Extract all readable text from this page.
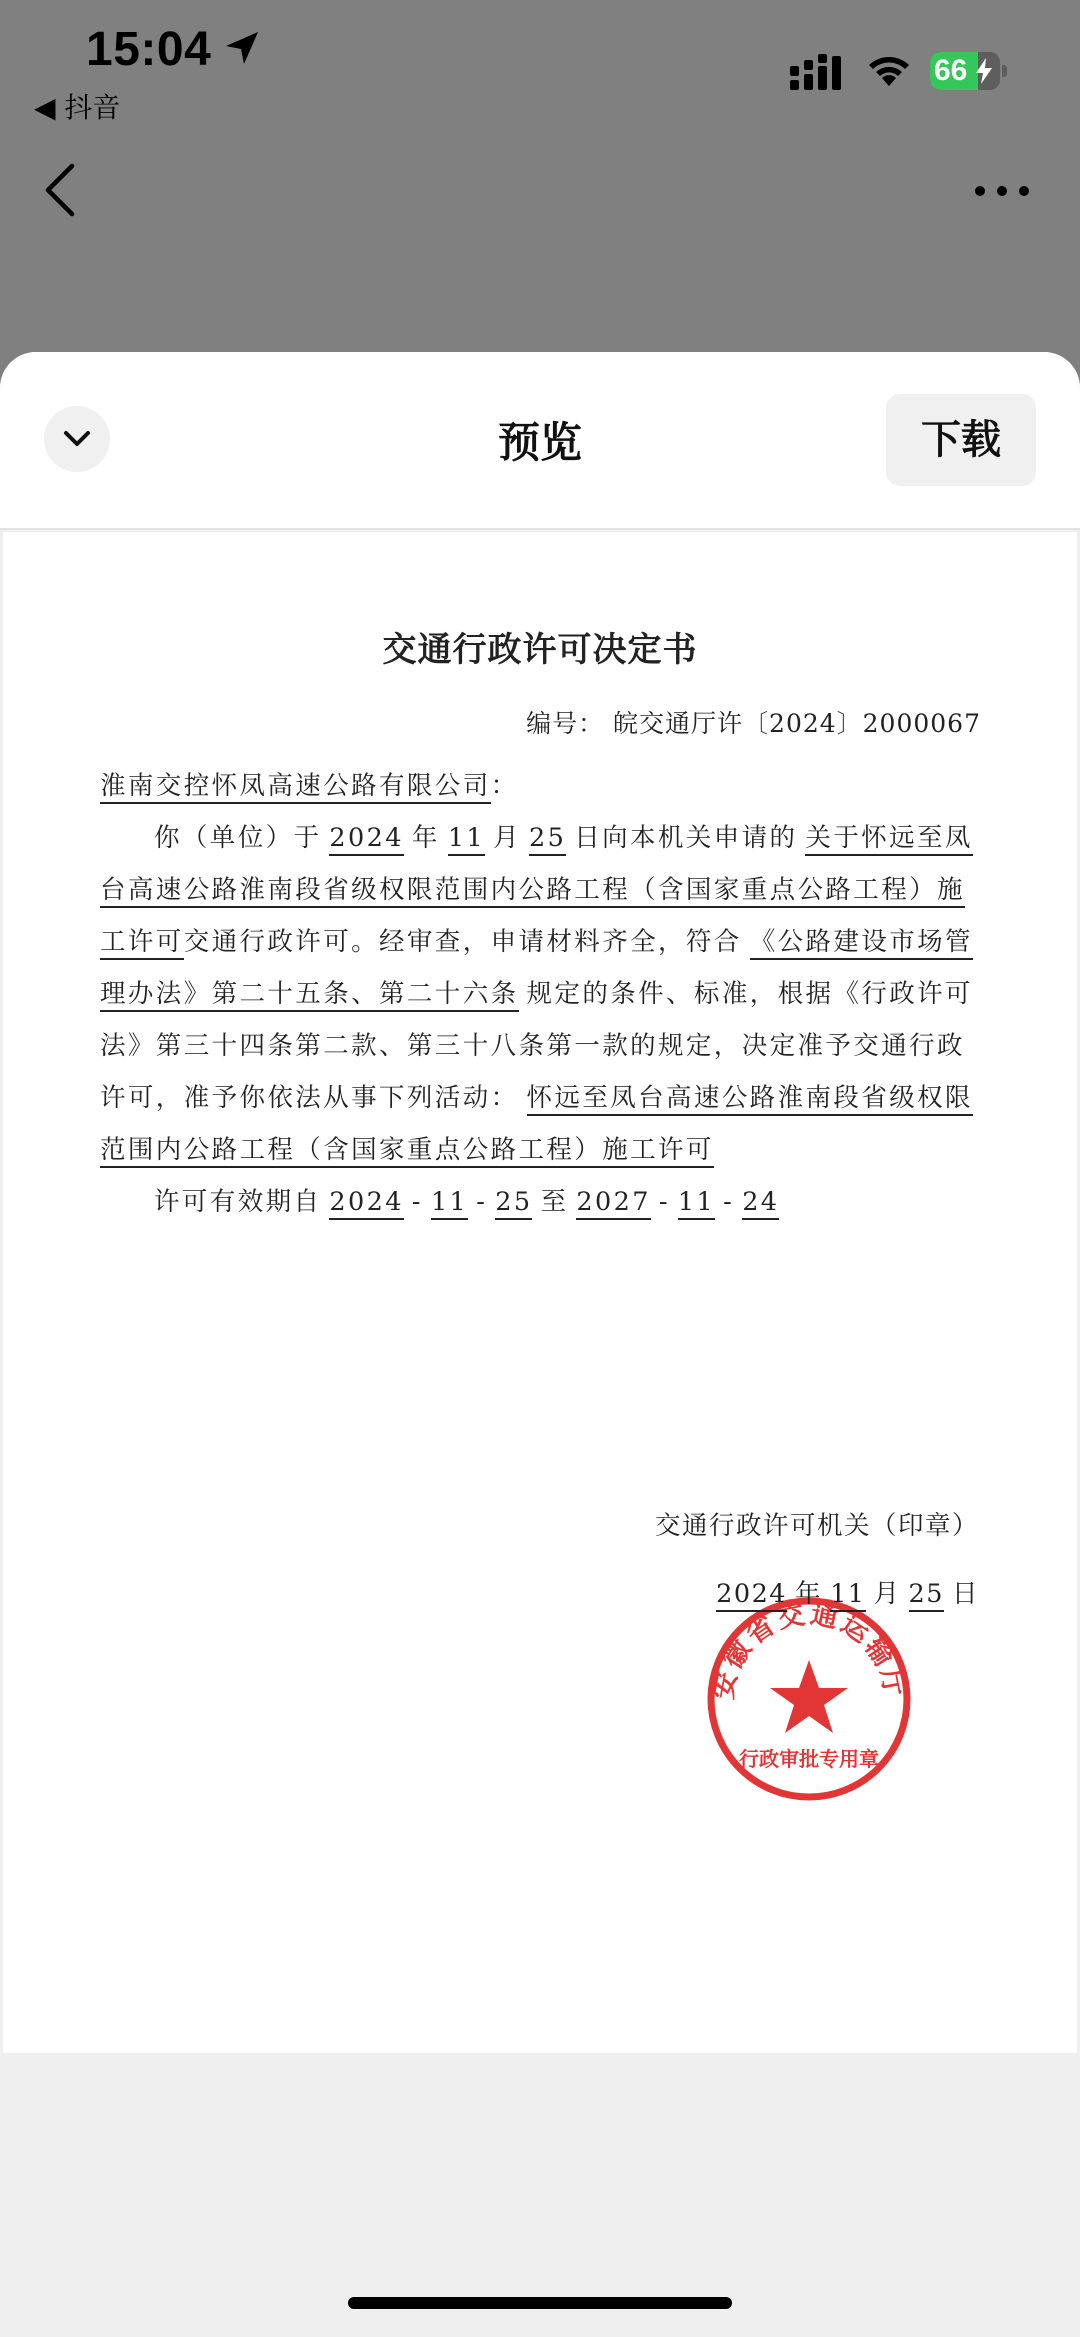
15:04
◀ 抖音
66
预览	下载
交通行政许可决定书
编号： 皖交通厅许〔2024〕2000067

淮南交控怀凤高速公路有限公司：

你（单位）于 2024 年 11 月 25 日向本机关申请的 关于怀远至凤台高速公路淮南段省级权限范围内公路工程（含国家重点公路工程）施工许可交通行政许可。经审查，申请材料齐全，符合 《公路建设市场管理办法》第二十五条、第二十六条 规定的条件、标准，根据《行政许可法》第三十四条第二款、第三十八条第一款的规定，决定准予交通行政许可，准予你依法从事下列活动： 怀远至凤台高速公路淮南段省级权限范围内公路工程（含国家重点公路工程）施工许可

许可有效期自 2024 - 11 - 25 至 2027 - 11 - 24

安徽省交通运输厅
行政审批专用章
交通行政许可机关（印章）
2024 年 11 月 25 日
